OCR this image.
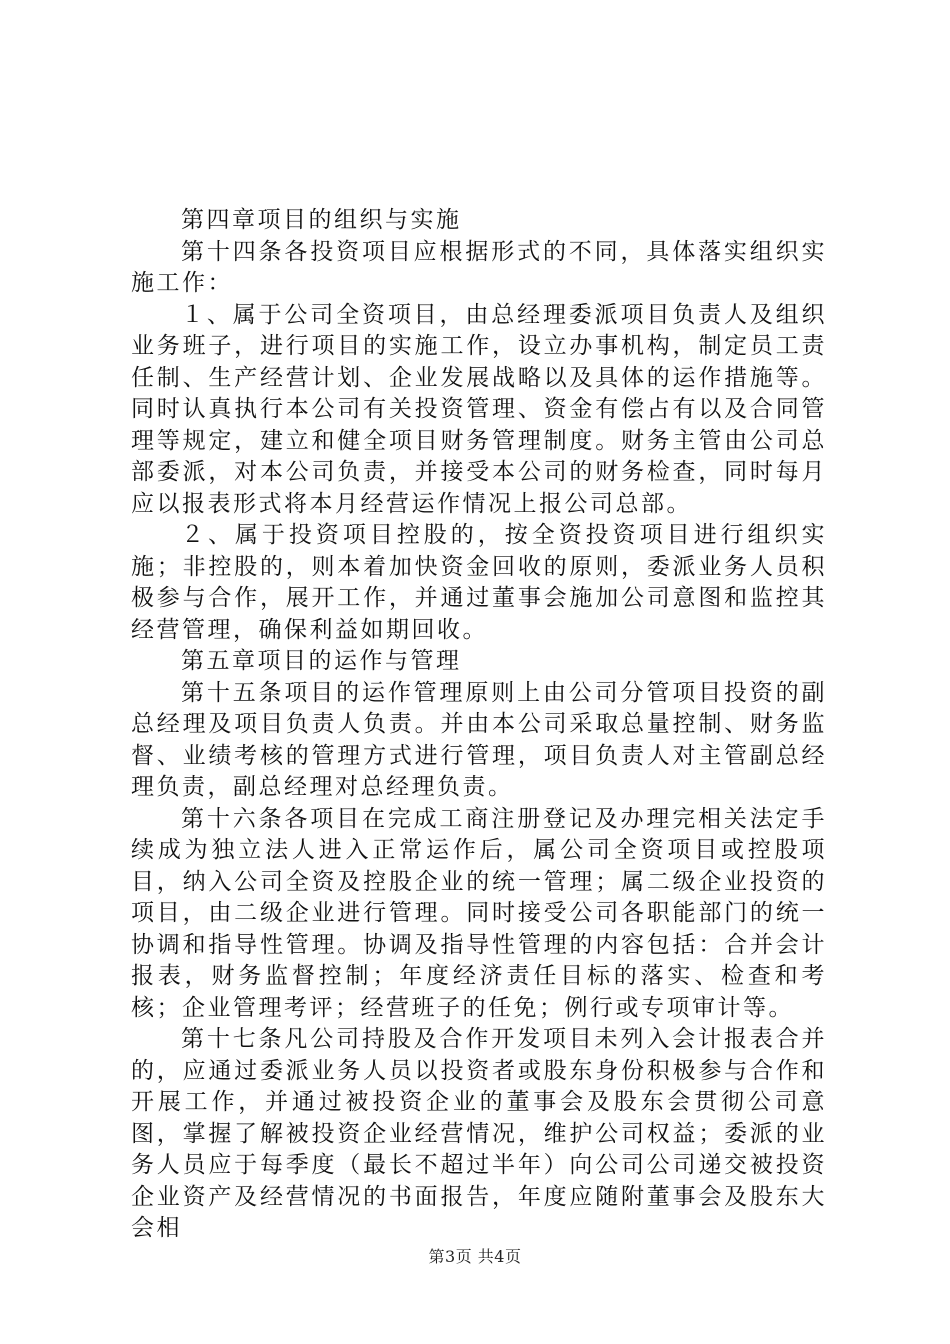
第四章项目的组织与实施

第十四条各投资项目应根据形式的不同，具体落实组织实施工作：

１、属于公司全资项目，由总经理委派项目负责人及组织业务班子，进行项目的实施工作，设立办事机构，制定员工责任制、生产经营计划、企业发展战略以及具体的运作措施等。同时认真执行本公司有关投资管理、资金有偿占有以及合同管理等规定，建立和健全项目财务管理制度。财务主管由公司总部委派，对本公司负责，并接受本公司的财务检查，同时每月应以报表形式将本月经营运作情况上报公司总部。

２、属于投资项目控股的，按全资投资项目进行组织实施；非控股的，则本着加快资金回收的原则，委派业务人员积极参与合作，展开工作，并通过董事会施加公司意图和监控其经营管理，确保利益如期回收。

第五章项目的运作与管理

第十五条项目的运作管理原则上由公司分管项目投资的副总经理及项目负责人负责。并由本公司采取总量控制、财务监督、业绩考核的管理方式进行管理，项目负责人对主管副总经理负责，副总经理对总经理负责。

第十六条各项目在完成工商注册登记及办理完相关法定手续成为独立法人进入正常运作后，属公司全资项目或控股项目，纳入公司全资及控股企业的统一管理；属二级企业投资的项目，由二级企业进行管理。同时接受公司各职能部门的统一协调和指导性管理。协调及指导性管理的内容包括：合并会计报表，财务监督控制；年度经济责任目标的落实、检查和考核；企业管理考评；经营班子的任免；例行或专项审计等。

第十七条凡公司持股及合作开发项目未列入会计报表合并的，应通过委派业务人员以投资者或股东身份积极参与合作和开展工作，并通过被投资企业的董事会及股东会贯彻公司意图，掌握了解被投资企业经营情况，维护公司权益；委派的业务人员应于每季度（最长不超过半年）向公司公司递交被投资企业资产及经营情况的书面报告，年度应随附董事会及股东大会相

第3页 共4页
